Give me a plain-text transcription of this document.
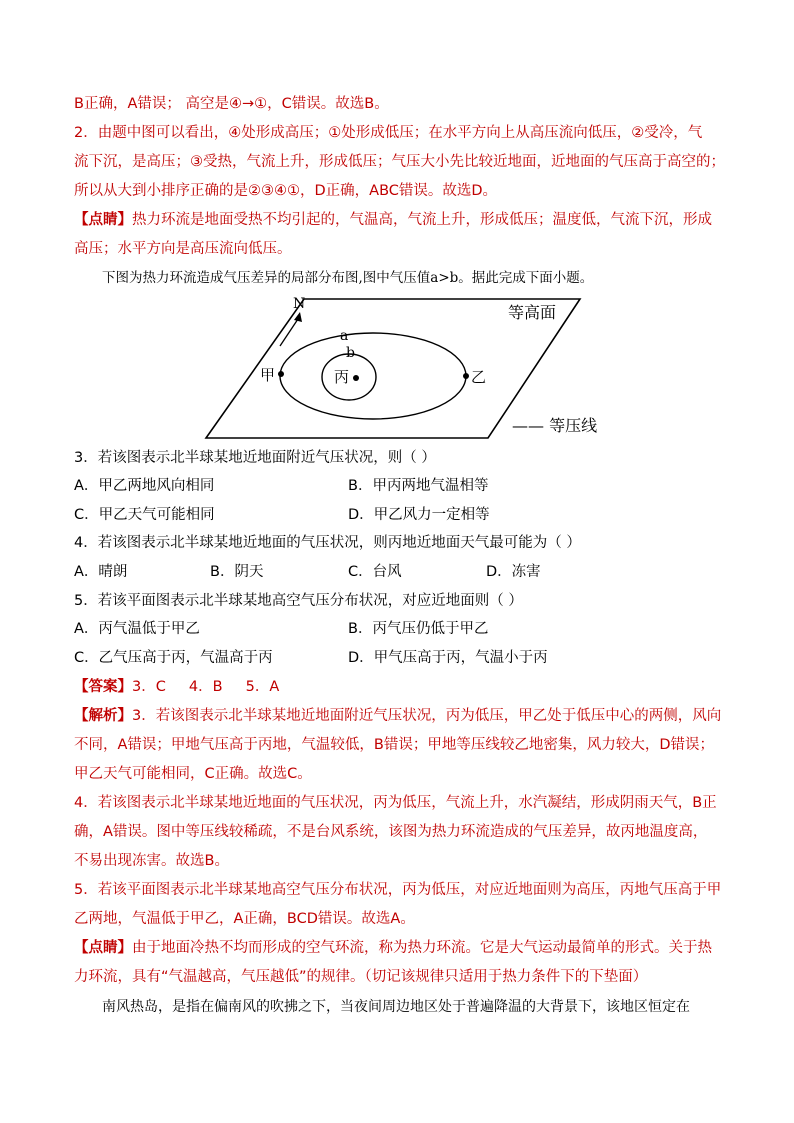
B正确，A错误； 高空是④→①，C错误。故选B。
2．由题中图可以看出，④处形成高压；①处形成低压；在水平方向上从高压流向低压，②受冷，气
流下沉，是高压；③受热，气流上升，形成低压；气压大小先比较近地面，近地面的气压高于高空的；
所以从大到小排序正确的是②③④①，D正确，ABC错误。故选D。
【点睛】热力环流是地面受热不均引起的，气温高，气流上升，形成低压；温度低，气流下沉，形成
高压；水平方向是高压流向低压。
下图为热力环流造成气压差异的局部分布图,图中气压值a>b。据此完成下面小题。
N	等高面
a
b
甲	乙
丙
—— 等压线
3．若该图表示北半球某地近地面附近气压状况，则（ ）
A．甲乙两地风向相同	B．甲丙两地气温相等
C．甲乙天气可能相同	D．甲乙风力一定相等
4．若该图表示北半球某地近地面的气压状况，则丙地近地面天气最可能为（ ）
A．晴朗	B．阴天	C．台风	D．冻害
5．若该平面图表示北半球某地高空气压分布状况，对应近地面则（ ）
A．丙气温低于甲乙	B．丙气压仍低于甲乙
C．乙气压高于丙，气温高于丙	D．甲气压高于丙，气温小于丙
【答案】3．C     4．B     5．A
【解析】3．若该图表示北半球某地近地面附近气压状况，丙为低压，甲乙处于低压中心的两侧，风向
不同，A错误；甲地气压高于丙地，气温较低，B错误；甲地等压线较乙地密集，风力较大，D错误；
甲乙天气可能相同，C正确。故选C。
4．若该图表示北半球某地近地面的气压状况，丙为低压，气流上升，水汽凝结，形成阴雨天气，B正
确，A错误。图中等压线较稀疏，不是台风系统，该图为热力环流造成的气压差异，故丙地温度高，
不易出现冻害。故选B。
5．若该平面图表示北半球某地高空气压分布状况，丙为低压，对应近地面则为高压，丙地气压高于甲
乙两地，气温低于甲乙，A正确，BCD错误。故选A。
【点睛】由于地面冷热不均而形成的空气环流，称为热力环流。它是大气运动最简单的形式。关于热
力环流，具有“气温越高，气压越低”的规律。（切记该规律只适用于热力条件下的下垫面）
南风热岛，是指在偏南风的吹拂之下，当夜间周边地区处于普遍降温的大背景下，该地区恒定在
